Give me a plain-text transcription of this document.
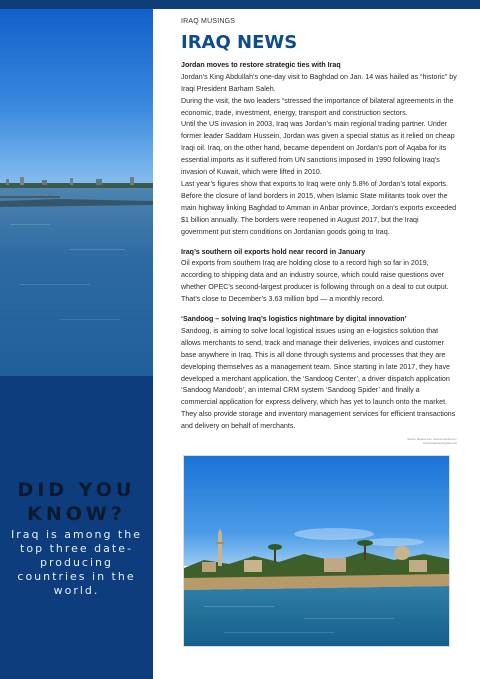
DID YOU KNOW?
Iraq is among the top three date-producing countries in the world.
IRAQ MUSINGS
IRAQ NEWS

Jordan moves to restore strategic ties with Iraq

Jordan’s King Abdullah’s one-day visit to Baghdad on Jan. 14 was hailed as “historic” by Iraqi President Barham Saleh.

During the visit, the two leaders “stressed the importance of bilateral agreements in the economic, trade, investment, energy, transport and construction sectors.

Until the US invasion in 2003, Iraq was Jordan’s main regional trading partner. Under former leader Saddam Hussein, Jordan was given a special status as it relied on cheap Iraqi oil. Iraq, on the other hand, became dependent on Jordan’s port of Aqaba for its essential imports as it suffered from UN sanctions imposed in 1990 following Iraq’s invasion of Kuwait, which were lifted in 2010.

Last year’s figures show that exports to Iraq were only 5.8% of Jordan’s total exports. Before the closure of land borders in 2015, when Islamic State militants took over the main highway linking Baghdad to Amman in Anbar province, Jordan’s exports exceeded $1 billion annually. The borders were reopened in August 2017, but the Iraqi government put stern conditions on Jordanian goods going to Iraq.

Iraq’s southern oil exports hold near record in January

Oil exports from southern Iraq are holding close to a record high so far in 2019, according to shipping data and an industry source, which could raise questions over whether OPEC’s second-largest producer is following through on a deal to cut output. That’s close to December’s 3.63 million bpd — a monthly record.

‘Sandoog – solving Iraq’s logistics nightmare by digital innovation’

Sandoog, is aiming to solve local logistical issues using an e-logistics solution that allows merchants to send, track and manage their deliveries, invoices and customer base anywhere in Iraq. This is all done through systems and processes that they are developing themselves as a management team. Since starting in late 2017, they have developed a merchant application, the ‘Sandoog Center’, a driver dispatch application ‘Sandoog Mandoob’, an internal CRM system ‘Sandoog Spider’ and finally a commercial application for express delivery, which has yet to launch onto the market. They also provide storage and inventory management services for efficient transactions and delivery on behalf of merchants.

Source: Reuters.com, www.al-monitor.com, www.insightiraq.blogspot.com
